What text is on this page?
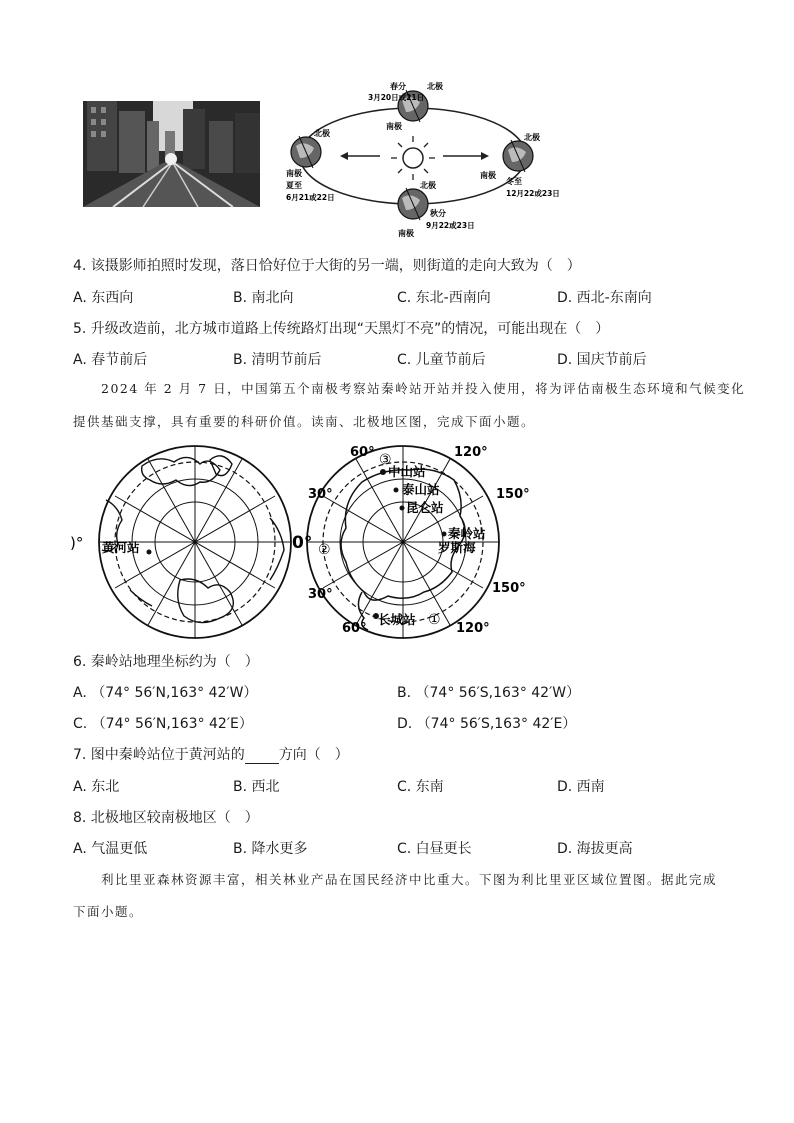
春分	北极
3月20日或21日
南极
北极
南极
夏至
6月21或22日
北极
南极
冬至
12月22或23日
北极
秋分
9月22或23日
南极
4. 该摄影师拍照时发现，落日恰好位于大街的另一端，则街道的走向大致为（　）
A. 东西向	B. 南北向	C. 东北-西南向	D. 西北-东南向
5. 升级改造前，北方城市道路上传统路灯出现“天黑灯不亮”的情况，可能出现在（　）
A. 春节前后	B. 清明节前后	C. 儿童节前后	D. 国庆节前后
2024 年 2 月 7 日，中国第五个南极考察站秦岭站开站并投入使用，将为评估南极生态环境和气候变化
提供基础支撑，具有重要的科研价值。读南、北极地区图，完成下面小题。
)° 黄河站
60°	120°
30°	150°
0°
30°	150°
60°	120°
③
②
①
中山站
泰山站
昆仑站
秦岭站
罗斯海
长城站
6. 秦岭站地理坐标约为（　）
A. （74° 56′N,163° 42′W）	B. （74° 56′S,163° 42′W）
C. （74° 56′N,163° 42′E）	D. （74° 56′S,163° 42′E）
7. 图中秦岭站位于黄河站的 方向（　）
A. 东北	B. 西北	C. 东南	D. 西南
8. 北极地区较南极地区（　）
A. 气温更低	B. 降水更多	C. 白昼更长	D. 海拔更高
利比里亚森林资源丰富，相关林业产品在国民经济中比重大。下图为利比里亚区域位置图。据此完成
下面小题。
